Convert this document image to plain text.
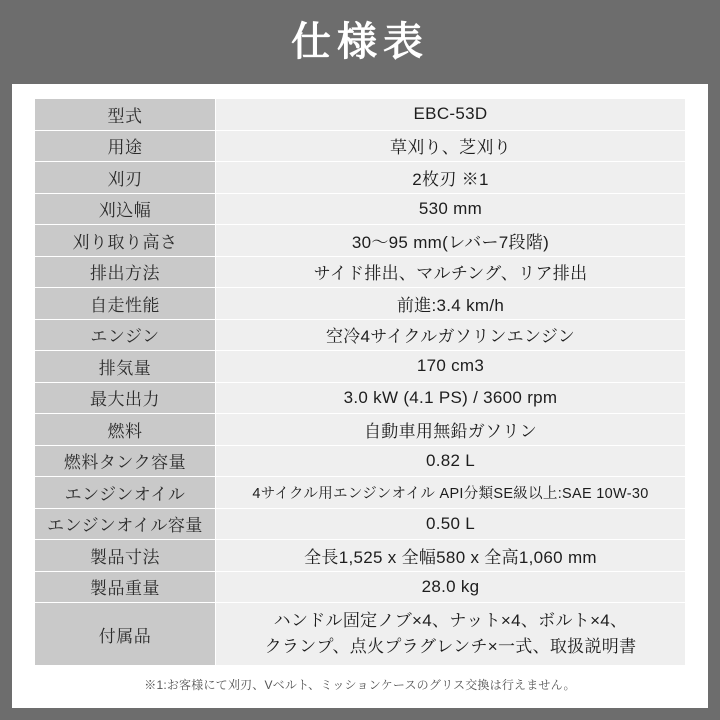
仕様表
型式	EBC-53D
用途	草刈り、芝刈り
刈刃	2枚刃 ※1
刈込幅	530 mm
刈り取り高さ	30〜95 mm(レバー7段階)
排出方法	サイド排出、マルチング、リア排出
自走性能	前進:3.4 km/h
エンジン	空冷4サイクルガソリンエンジン
排気量	170 cm3
最大出力	3.0 kW (4.1 PS) / 3600 rpm
燃料	自動車用無鉛ガソリン
燃料タンク容量	0.82 L
エンジンオイル	4サイクル用エンジンオイル API分類SE級以上:SAE 10W-30
エンジンオイル容量	0.50 L
製品寸法	全長1,525 x 全幅580 x 全高1,060 mm
製品重量	28.0 kg
付属品	ハンドル固定ノブ×4、ナット×4、ボルト×4、
クランプ、点火プラグレンチ×一式、取扱説明書

※1:お客様にて刈刃、Vベルト、ミッションケースのグリス交換は行えません。
